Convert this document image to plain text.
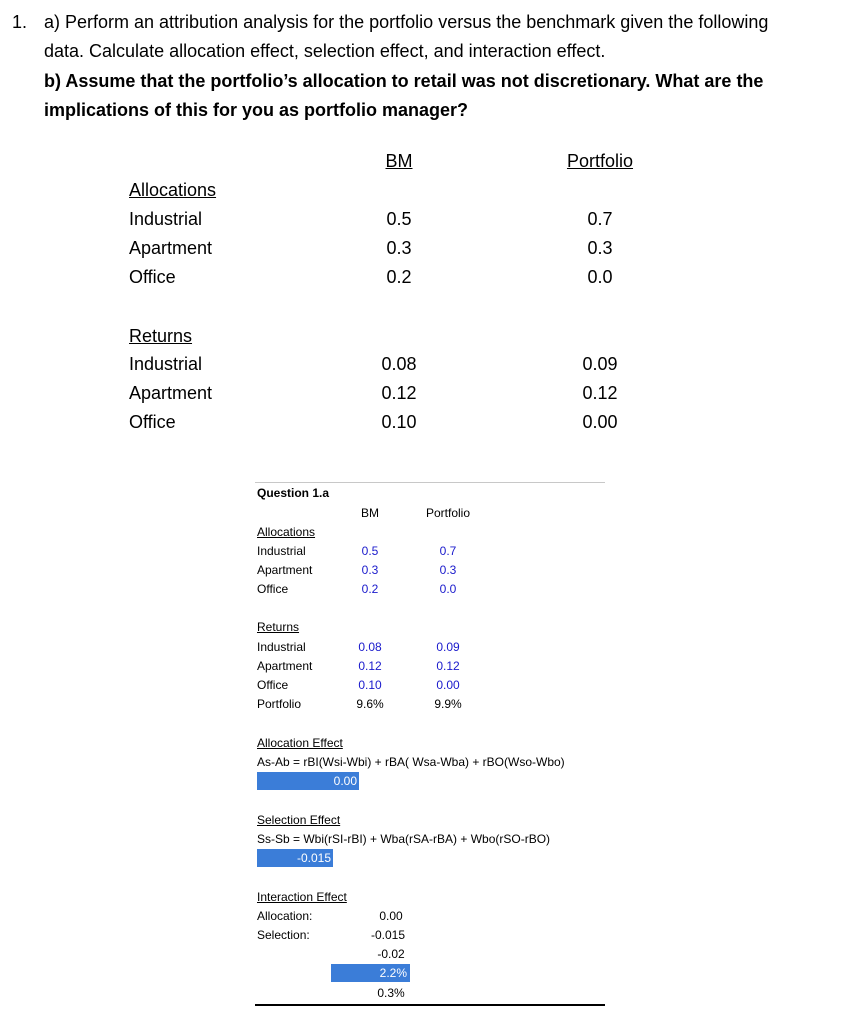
1. a) Perform an attribution analysis for the portfolio versus the benchmark given the following
data. Calculate allocation effect, selection effect, and interaction effect.
b) Assume that the portfolio’s allocation to retail was not discretionary. What are the
implications of this for you as portfolio manager?
BM	Portfolio
Allocations
Industrial	0.5	0.7
Apartment	0.3	0.3
Office	0.2	0.0
Returns
Industrial	0.08	0.09
Apartment	0.12	0.12
Office	0.10	0.00
Question 1.a
BM	Portfolio
Allocations
Industrial	0.5	0.7
Apartment	0.3	0.3
Office	0.2	0.0
Returns
Industrial	0.08	0.09
Apartment	0.12	0.12
Office	0.10	0.00
Portfolio	9.6%	9.9%
Allocation Effect
As-Ab = rBI(Wsi-Wbi) + rBA( Wsa-Wba) + rBO(Wso-Wbo)
0.00
Selection Effect
Ss-Sb = Wbi(rSI-rBI) + Wba(rSA-rBA) + Wbo(rSO-rBO)
-0.015
Interaction Effect
Allocation:	0.00
Selection:	-0.015
-0.02
2.2%
0.3%
